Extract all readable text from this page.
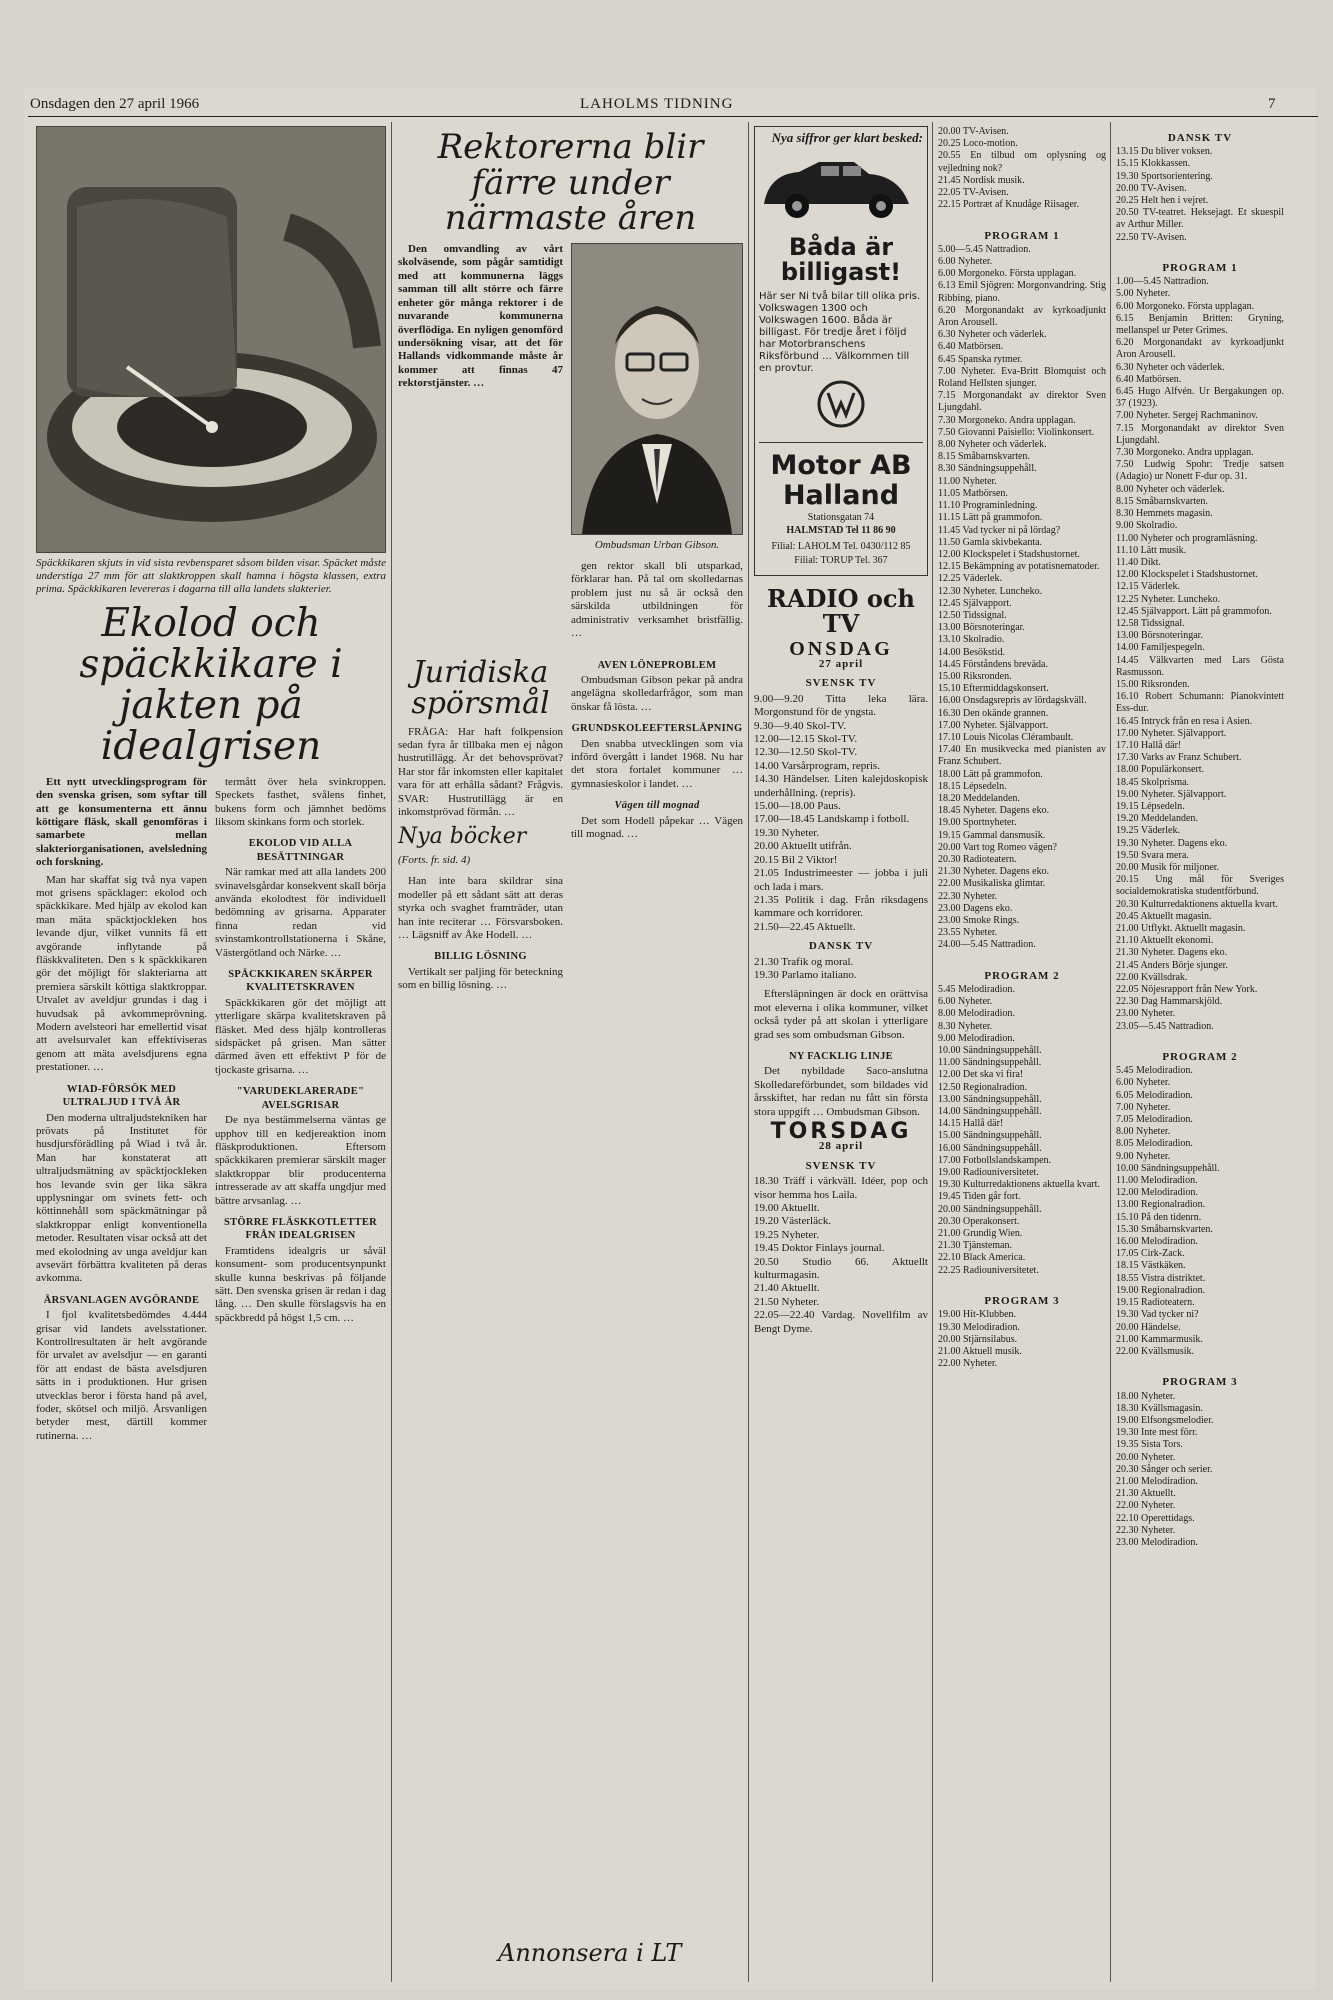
Onsdagen den 27 april 1966	LAHOLMS TIDNING	7
Späckkikaren skjuts in vid sista revbensparet såsom bilden visar. Späcket måste understiga 27 mm för att slaktkroppen skall hamna i högsta klassen, extra prima. Späckkikaren levereras i dagarna till alla landets slakterier.
Ekolod och späckkikare i jakten på idealgrisen

Ett nytt utvecklingsprogram för den svenska grisen, som syftar till att ge konsumenterna ett ännu köttigare fläsk, skall genomföras i samarbete mellan slakteriorganisationen, avelsledning och forskning.

Man har skaffat sig två nya vapen mot grisens späcklager: ekolod och späckkikare. Med hjälp av ekolod kan man mäta späcktjockleken hos levande djur, vilket vunnits få ett avgörande inflytande på fläskkvaliteten. Den s k späckkikaren gör det möjligt för slakteriarna att premiera särskilt köttiga slaktkroppar. Utvalet av aveldjur grundas i dag i huvudsak på avkommeprövning. Modern avelsteori har emellertid visat att avelsurvalet kan effektiviseras genom att mäta avelsdjurens egna prestationer. …

WIAD-FÖRSÖK MED ULTRALJUD I TVÅ ÅR

Den moderna ultraljudstekniken har prövats på Institutet för husdjursförädling på Wiad i två år. Man har konstaterat att ultraljudsmätning av späcktjockleken hos levande svin ger lika säkra upplysningar om svinets fett- och köttinnehåll som späckmätningar på slaktkroppar enligt konventionella metoder. Resultaten visar också att det med ekolodning av unga aveldjur kan avsevärt förbättra kvaliteten på deras avkomma.

ÅRSVANLAGEN AVGÖRANDE

I fjol kvalitetsbedömdes 4.444 grisar vid landets avelsstationer. Kontrollresultaten är helt avgörande för urvalet av avelsdjur — en garanti för att endast de bästa avelsdjuren sätts in i produktionen. Hur grisen utvecklas beror i första hand på avel, foder, skötsel och miljö. Årsvanligen betyder mest, därtill kommer rutinerna. …

termått över hela svinkroppen. Speckets fasthet, svålens finhet, bukens form och jämnhet bedöms liksom skinkans form och storlek.

EKOLOD VID ALLA BESÄTTNINGAR

När ramkar med att alla landets 200 svinavelsgårdar konsekvent skall börja använda ekolodtest för individuell bedömning av grisarna. Apparater finna redan vid svinstamkontrollstationerna i Skåne, Västergötland och Närke. …

SPÄCKKIKAREN SKÄRPER KVALITETSKRAVEN

Späckkikaren gör det möjligt att ytterligare skärpa kvalitetskraven på fläsket. Med dess hjälp kontrolleras sidspäcket på grisen. Man sätter därmed även ett effektivt P för de tjockaste grisarna. …

"VARUDEKLARERADE" AVELSGRISAR

De nya bestämmelserna väntas ge upphov till en kedjereaktion inom fläskproduktionen. Eftersom späckkikaren premierar särskilt mager slaktkroppar blir producenterna intresserade av att skaffa ungdjur med bättre arvsanlag. …

STÖRRE FLÄSKKOTLETTER FRÅN IDEALGRISEN

Framtidens idealgris ur såväl konsument- som producentsynpunkt skulle kunna beskrivas på följande sätt. Den svenska grisen är redan i dag lång. … Den skulle förslagsvis ha en späckbredd på högst 1,5 cm. …

Rektorerna blir färre under närmaste åren

Den omvandling av vårt skolväsende, som pågår samtidigt med att kommunerna läggs samman till allt större och färre enheter gör många rektorer i de nuvarande kommunerna överflödiga. En nyligen genomförd undersökning visar, att det för Hallands vidkommande måste år kommer att finnas 47 rektorstjänster. …

Ombudsman Urban Gibson.

gen rektor skall bli utsparkad, förklarar han. På tal om skolledarnas problem just nu så är också den särskilda utbildningen för administrativ verksamhet bristfällig. …

Juridiska spörsmål

FRÅGA: Har haft folkpension sedan fyra år tillbaka men ej någon hustrutillägg. Är det behovsprövat? Har stor får inkomsten eller kapitalet vara för att erhålla sådant? Frågvis. SVAR: Hustrutillägg är en inkomstprövad förmån. …

Nya böcker
(Forts. fr. sid. 4)

Han inte bara skildrar sina modeller på ett sådant sätt att deras styrka och svaghet framträder, utan han inte reciterar … Försvarsboken. … Lägsniff av Åke Hodell. …

BILLIG LÖSNING

Vertikalt ser paljing för beteckning som en billig lösning. …

AVEN LÖNEPROBLEM

Ombudsman Gibson pekar på andra angelägna skolledarfrågor, som man önskar få lösta. …

GRUNDSKOLEEFTERSLÄPNING

Den snabba utvecklingen som via införd övergått i landet 1968. Nu har det stora fortalet kommuner … gymnasieskolor i landet. …

Vägen till mognad

Det som Hodell påpekar … Vägen till mognad. …

Annonsera i LT
Nya siffror ger klart besked:
Båda är billigast!
Här ser Ni två bilar till olika pris. Volkswagen 1300 och Volkswagen 1600. Båda är billigast. För tredje året i följd har Motorbranschens Riksförbund … Välkommen till en provtur.
Motor AB Halland
Stationsgatan 74
HALMSTAD Tel 11 86 90
Filial: LAHOLM Tel. 0430/112 85
Filial: TORUP Tel. 367
RADIO och TV
ONSDAG
27 april
SVENSK TV
9.00—9.20 Titta leka lära. Morgonstund för de yngsta.
9.30—9.40 Skol-TV.
12.00—12.15 Skol-TV.
12.30—12.50 Skol-TV.
14.00 Varsårprogram, repris.
14.30 Händelser. Liten kalejdoskopisk underhållning. (repris).
15.00—18.00 Paus.
17.00—18.45 Landskamp i fotboll.
19.30 Nyheter.
20.00 Aktuellt utifrån.
20.15 Bil 2 Viktor!
21.05 Industrimeester — jobba i juli och lada i mars.
21.35 Politik i dag. Från riksdagens kammare och korridorer.
21.50—22.45 Aktuellt.
DANSK TV
21.30 Trafik og moral.
19.30 Parlamo italiano.

Eftersläpningen är dock en orättvisa mot eleverna i olika kommuner, vilket också tyder på att skolan i ytterligare grad ses som ombudsman Gibson.

NY FACKLIG LINJE

Det nybildade Saco-anslutna Skolledareförbundet, som bildades vid årsskiftet, har redan nu fått sin första stora uppgift … Ombudsman Gibson.

TORSDAG
28 april
SVENSK TV
18.30 Träff i värkväll. Idéer, pop och visor hemma hos Laila.
19.00 Aktuellt.
19.20 Västerläck.
19.25 Nyheter.
19.45 Doktor Finlays journal.
20.50 Studio 66. Aktuellt kulturmagasin.
21.40 Aktuellt.
21.50 Nyheter.
22.05—22.40 Vardag. Novellfilm av Bengt Dyme.
20.00 TV-Avisen.
20.25 Loco-motion.
20.55 En tilbud om oplysning og vejledning nok?
21.45 Nordisk musik.
22.05 TV-Avisen.
22.15 Portræt af Knudåge Riisager.

PROGRAM 1
5.00—5.45 Nattradion.
6.00 Nyheter.
6.00 Morgoneko. Första upplagan.
6.13 Emil Sjögren: Morgonvandring. Stig Ribbing, piano.
6.20 Morgonandakt av kyrkoadjunkt Aron Arousell.
6.30 Nyheter och väderlek.
6.40 Matbörsen.
6.45 Spanska rytmer.
7.00 Nyheter. Eva-Britt Blomquist och Roland Hellsten sjunger.
7.15 Morgonandakt av direktor Sven Ljungdahl.
7.30 Morgoneko. Andra upplagan.
7.50 Giovanni Paisiello: Violinkonsert.
8.00 Nyheter och väderlek.
8.15 Småbarnskvarten.
8.30 Sändningsuppehåll.
11.00 Nyheter.
11.05 Matbörsen.
11.10 Programinledning.
11.15 Lätt på grammofon.
11.45 Vad tycker ni på lördag?
11.50 Gamla skivbekanta.
12.00 Klockspelet i Stadshustornet.
12.15 Bekämpning av potatisnematoder.
12.25 Väderlek.
12.30 Nyheter. Luncheko.
12.45 Självapport.
12.50 Tidssignal.
13.00 Börsnoteringar.
13.10 Skolradio.
14.00 Besökstid.
14.45 Förståndens breväda.
15.00 Riksronden.
15.10 Eftermiddagskonsert.
16.00 Onsdagsrepris av lördagskväll.
16.30 Den okände grannen.
17.00 Nyheter. Självapport.
17.10 Louis Nicolas Clérambault.
17.40 En musikvecka med pianisten av Franz Schubert.
18.00 Lätt på grammofon.
18.15 Lépsedeln.
18.20 Meddelanden.
18.45 Nyheter. Dagens eko.
19.00 Sportnyheter.
19.15 Gammal dansmusik.
20.00 Vart tog Romeo vägen?
20.30 Radioteatern.
21.30 Nyheter. Dagens eko.
22.00 Musikaliska glimtar.
22.30 Nyheter.
23.00 Dagens eko.
23.00 Smoke Rings.
23.55 Nyheter.
24.00—5.45 Nattradion.

PROGRAM 2
5.45 Melodiradion.
6.00 Nyheter.
8.00 Melodiradion.
8.30 Nyheter.
9.00 Melodiradion.
10.00 Sändningsuppehåll.
11.00 Sändningsuppehåll.
12.00 Det ska vi fira!
12.50 Regionalradion.
13.00 Sändningsuppehåll.
14.00 Sändningsuppehåll.
14.15 Hallå där!
15.00 Sändningsuppehåll.
16.00 Sändningsuppehåll.
17.00 Fotbollslandskampen.
19.00 Radiouniversitetet.
19.30 Kulturredaktionens aktuella kvart.
19.45 Tiden går fort.
20.00 Sändningsuppehåll.
20.30 Operakonsert.
21.00 Grundig Wien.
21.30 Tjänsteman.
22.10 Black America.
22.25 Radiouniversitetet.

PROGRAM 3
19.00 Hit-Klubben.
19.30 Melodiradion.
20.00 Stjärnsilabus.
21.00 Aktuell musik.
22.00 Nyheter.
DANSK TV
13.15 Du bliver voksen.
15.15 Klokkassen.
19.30 Sportsorientering.
20.00 TV-Avisen.
20.25 Helt hen i vejret.
20.50 TV-teatret. Heksejagt. Et skuespil av Arthur Miller.
22.50 TV-Avisen.

PROGRAM 1
1.00—5.45 Nattradion.
5.00 Nyheter.
6.00 Morgoneko. Första upplagan.
6.15 Benjamin Britten: Gryning, mellanspel ur Peter Grimes.
6.20 Morgonandakt av kyrkoadjunkt Aron Arousell.
6.30 Nyheter och väderlek.
6.40 Matbörsen.
6.45 Hugo Alfvén. Ur Bergakungen op. 37 (1923).
7.00 Nyheter. Sergej Rachmaninov.
7.15 Morgonandakt av direktor Sven Ljungdahl.
7.30 Morgoneko. Andra upplagan.
7.50 Ludwig Spohr: Tredje satsen (Adagio) ur Nonett F-dur op. 31.
8.00 Nyheter och väderlek.
8.15 Småbarnskvarten.
8.30 Hemmets magasin.
9.00 Skolradio.
11.00 Nyheter och programläsning.
11.10 Lätt musik.
11.40 Dikt.
12.00 Klockspelet i Stadshustornet.
12.15 Väderlek.
12.25 Nyheter. Luncheko.
12.45 Självapport. Lätt på grammofon.
12.58 Tidssignal.
13.00 Börsnoteringar.
14.00 Familjespegeln.
14.45 Välkvarten med Lars Gösta Rasmusson.
15.00 Riksronden.
16.10 Robert Schumann: Pianokvintett Ess-dur.
16.45 Intryck från en resa i Asien.
17.00 Nyheter. Självapport.
17.10 Hallå där!
17.30 Varks av Franz Schubert.
18.00 Populärkonsert.
18.45 Skolprisma.
19.00 Nyheter. Självapport.
19.15 Lépsedeln.
19.20 Meddelanden.
19.25 Väderlek.
19.30 Nyheter. Dagens eko.
19.50 Svara mera.
20.00 Musik för miljoner.
20.15 Ung mål för Sveriges socialdemokratiska studentförbund.
20.30 Kulturredaktionens aktuella kvart.
20.45 Aktuellt magasin.
21.00 Utflykt. Aktuellt magasin.
21.10 Aktuellt ekonomi.
21.30 Nyheter. Dagens eko.
21.45 Anders Börje sjunger.
22.00 Kvällsdrak.
22.05 Nöjesrapport från New York.
22.30 Dag Hammarskjöld.
23.00 Nyheter.
23.05—5.45 Nattradion.

PROGRAM 2
5.45 Melodiradion.
6.00 Nyheter.
6.05 Melodiradion.
7.00 Nyheter.
7.05 Melodiradion.
8.00 Nyheter.
8.05 Melodiradion.
9.00 Nyheter.
10.00 Sändningsuppehåll.
11.00 Melodiradion.
12.00 Melodiradion.
13.00 Regionalradion.
15.10 På den tidenrn.
15.30 Småbarnskvarten.
16.00 Melodiradion.
17.05 Cirk-Zack.
18.15 Västkäken.
18.55 Vistra distriktet.
19.00 Regionalradion.
19.15 Radioteatern.
19.30 Vad tycker ni?
20.00 Händelse.
21.00 Kammarmusik.
22.00 Kvällsmusik.

PROGRAM 3
18.00 Nyheter.
18.30 Kvällsmagasin.
19.00 Elfsongsmelodier.
19.30 Inte mest förr.
19.35 Sista Tors.
20.00 Nyheter.
20.30 Sånger och serier.
21.00 Melodiradion.
21.30 Aktuellt.
22.00 Nyheter.
22.10 Operettidags.
22.30 Nyheter.
23.00 Melodiradion.
